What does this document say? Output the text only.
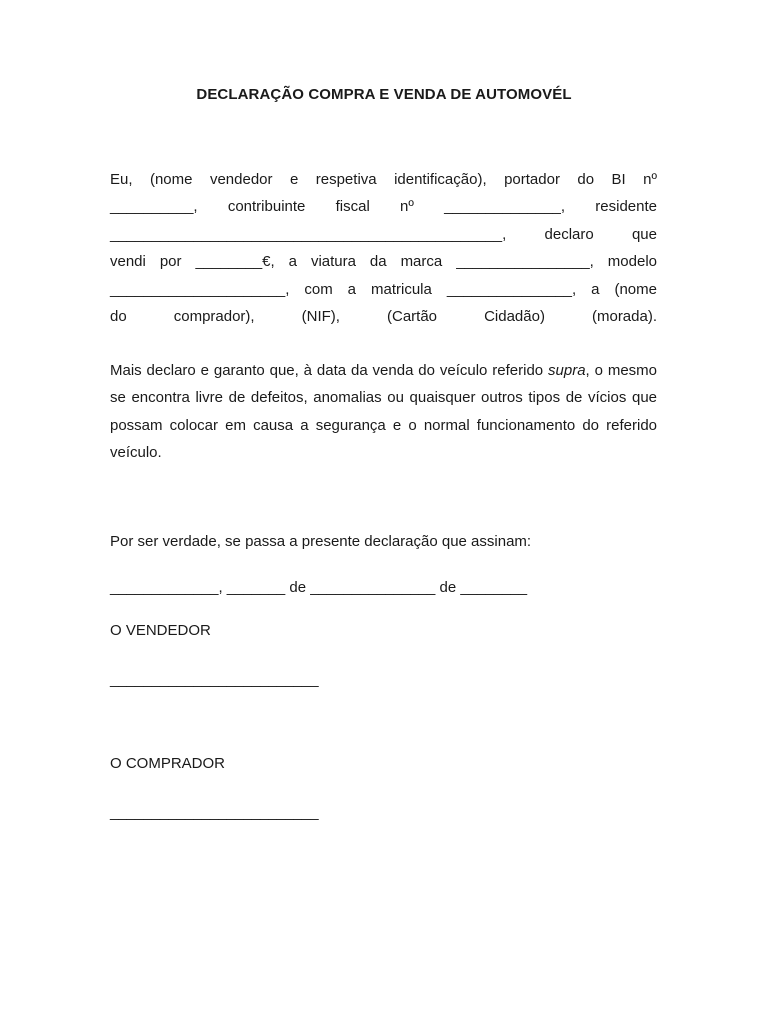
DECLARAÇÃO COMPRA E VENDA DE AUTOMOVÉL
Eu, (nome vendedor e respetiva identificação), portador do BI nº
__________, contribuinte fiscal nº ______________, residente
_______________________________________________, declaro que
vendi por ________€, a viatura da marca ________________, modelo
_____________________, com a matricula _______________, a (nome
do comprador), (NIF), (Cartão Cidadão) (morada).
Mais declaro e garanto que, à data da venda do veículo referido supra, o mesmo se encontra livre de defeitos, anomalias ou quaisquer outros tipos de vícios que possam colocar em causa a segurança e o normal funcionamento do referido veículo.
Por ser verdade, se passa a presente declaração que assinam:
_____________, _______ de _______________ de ________
O VENDEDOR
_________________________
O COMPRADOR
_________________________
